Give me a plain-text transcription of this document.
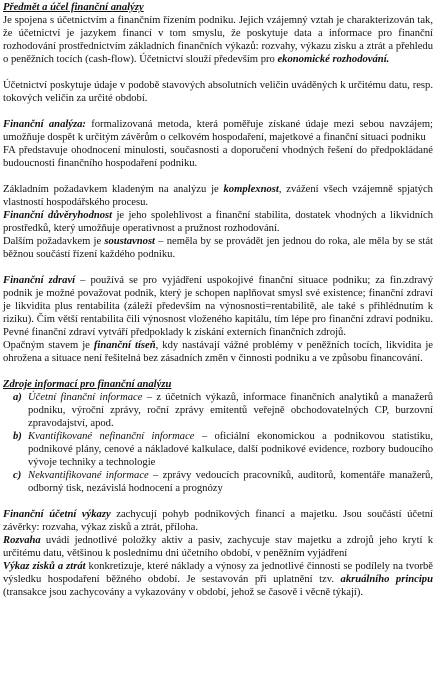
Předmět a účel finanční analýzy

Je spojena s účetnictvím a finančním řízením podniku. Jejich vzájemný vztah je charakterizován tak, že účetnictví je jazykem financí v tom smyslu, že poskytuje data a informace pro finanční rozhodování prostřednictvím základních finančních výkazů: rozvahy, výkazu zisku a ztrát a přehledu o peněžních tocích (cash-flow). Účetnictví slouží především pro ekonomické rozhodování.

Účetnictví poskytuje údaje v podobě stavových absolutních veličin uváděných k určitému datu, resp. tokových veličin za určité období.

Finanční analýza: formalizovaná metoda, která poměřuje získané údaje mezi sebou navzájem; umožňuje dospět k určitým závěrům o celkovém hospodaření, majetkové a finanční situaci podniku

FA představuje ohodnocení minulosti, současnosti a doporučení vhodných řešení do předpokládané budoucnosti finančního hospodaření podniku.

Základním požadavkem kladeným na analýzu je komplexnost, zvážení všech vzájemně spjatých vlastností hospodářského procesu.

Finanční důvěryhodnost je jeho spolehlivost a finanční stabilita, dostatek vhodných a likvidních prostředků, který umožňuje operativnost a pružnost rozhodování.

Dalším požadavkem je soustavnost – neměla by se provádět jen jednou do roka, ale měla by se stát běžnou součástí řízení každého podniku.

Finanční zdraví – používá se pro vyjádření uspokojivé finanční situace podniku; za fin.zdravý podnik je možné považovat podnik, který je schopen naplňovat smysl své existence; finanční zdraví je likvidita plus rentabilita (záleží především na výnosnosti=rentabilitě, ale také s přihlédnutím k riziku). Čím větší rentabilita čili výnosnost vloženého kapitálu, tím lépe pro finanční zdraví podniku. Pevné finanční zdraví vytváří předpoklady k získání externích finančních zdrojů.

Opačným stavem je finanční tíseň, kdy nastávají vážné problémy v peněžních tocích, likvidita je ohrožena a situace není řešitelná bez zásadních změn v činnosti podniku a ve způsobu financování.

Zdroje informací pro finanční analýzu
a) Účetní finanční informace – z účetních výkazů, informace finančních analytiků a manažerů podniku, výroční zprávy, roční zprávy emitentů veřejně obchodovatelných CP, burzovní zpravodajství, apod.
b) Kvantifikované nefinanční informace – oficiální ekonomickou a podnikovou statistiku, podnikové plány, cenové a nákladové kalkulace, další podnikové evidence, rozbory budoucího vývoje techniky a technologie
c) Nekvantifikované informace – zprávy vedoucích pracovníků, auditorů, komentáře manažerů, odborný tisk, nezávislá hodnocení a prognózy

Finanční účetní výkazy zachycují pohyb podnikových financí a majetku. Jsou součástí účetní závěrky: rozvaha, výkaz zisků a ztrát, příloha.

Rozvaha uvádí jednotlivé položky aktiv a pasiv, zachycuje stav majetku a zdrojů jeho krytí k určitému datu, většinou k poslednímu dni účetního období, v peněžním vyjádření

Výkaz zisků a ztrát konkretizuje, které náklady a výnosy za jednotlivé činnosti se podílely na tvorbě výsledku hospodaření běžného období. Je sestavován při uplatnění tzv. akruálního principu (transakce jsou zachycovány a vykazovány v období, jehož se časově i věcně týkají).
